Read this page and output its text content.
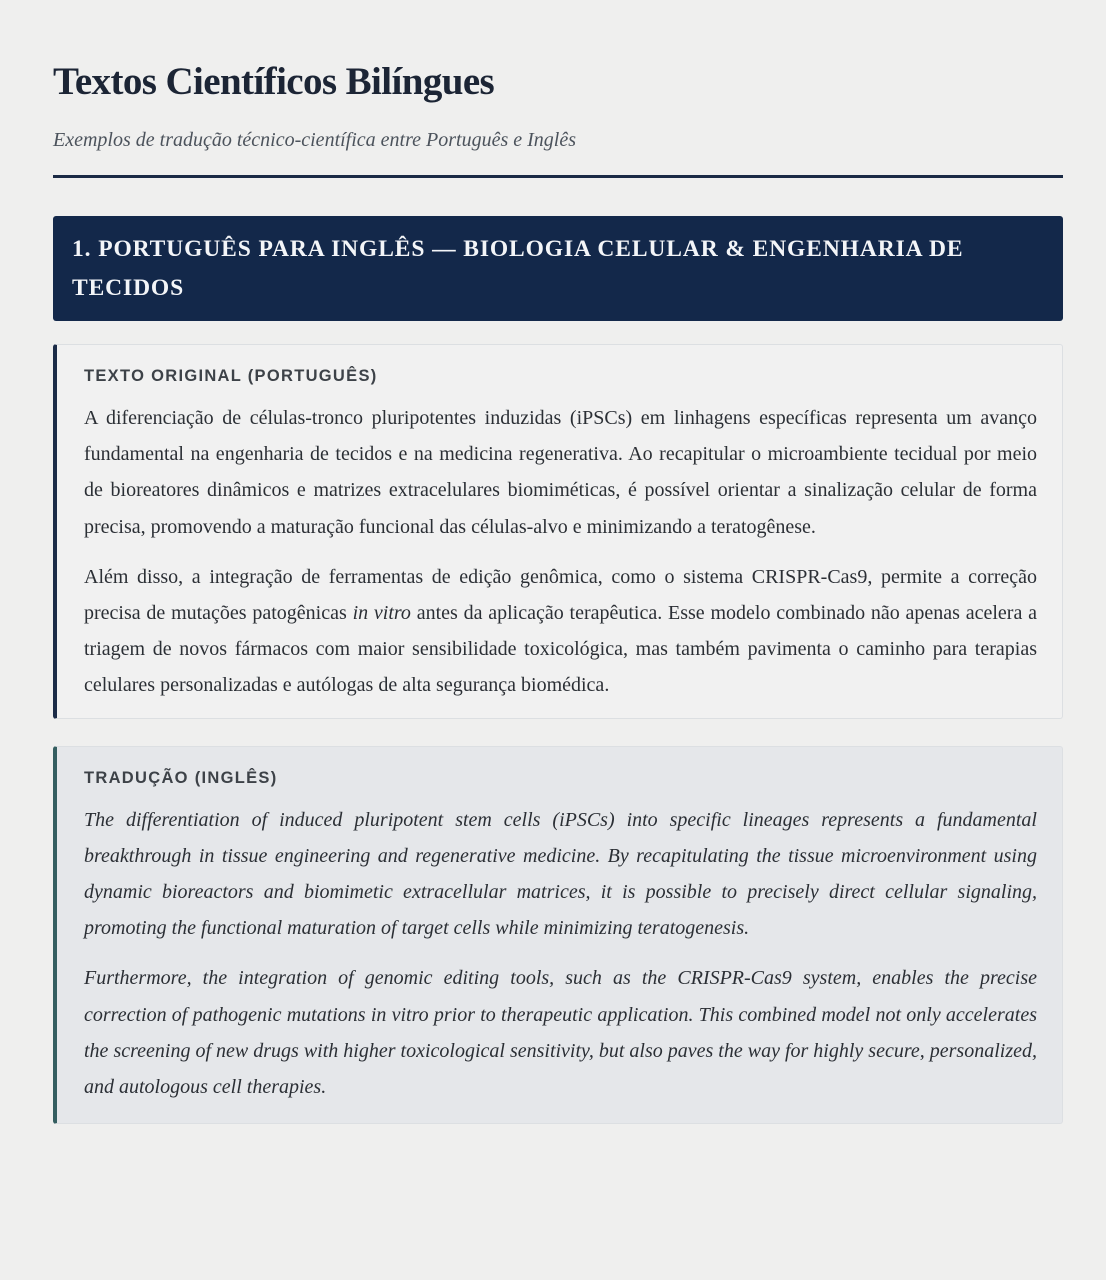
Textos Científicos Bilíngues

Exemplos de tradução técnico-científica entre Português e Inglês

1. PORTUGUÊS PARA INGLÊS — BIOLOGIA CELULAR & ENGENHARIA DE TECIDOS
TEXTO ORIGINAL (PORTUGUÊS)

A diferenciação de células-tronco pluripotentes induzidas (iPSCs) em linhagens específicas representa um avanço fundamental na engenharia de tecidos e na medicina regenerativa. Ao recapitular o microambiente tecidual por meio de bioreatores dinâmicos e matrizes extracelulares biomiméticas, é possível orientar a sinalização celular de forma precisa, promovendo a maturação funcional das células-alvo e minimizando a teratogênese.

Além disso, a integração de ferramentas de edição genômica, como o sistema CRISPR-Cas9, permite a correção precisa de mutações patogênicas in vitro antes da aplicação terapêutica. Esse modelo combinado não apenas acelera a triagem de novos fármacos com maior sensibilidade toxicológica, mas também pavimenta o caminho para terapias celulares personalizadas e autólogas de alta segurança biomédica.

TRADUÇÃO (INGLÊS)

The differentiation of induced pluripotent stem cells (iPSCs) into specific lineages represents a fundamental breakthrough in tissue engineering and regenerative medicine. By recapitulating the tissue microenvironment using dynamic bioreactors and biomimetic extracellular matrices, it is possible to precisely direct cellular signaling, promoting the functional maturation of target cells while minimizing teratogenesis.

Furthermore, the integration of genomic editing tools, such as the CRISPR-Cas9 system, enables the precise correction of pathogenic mutations in vitro prior to therapeutic application. This combined model not only accelerates the screening of new drugs with higher toxicological sensitivity, but also paves the way for highly secure, personalized, and autologous cell therapies.
